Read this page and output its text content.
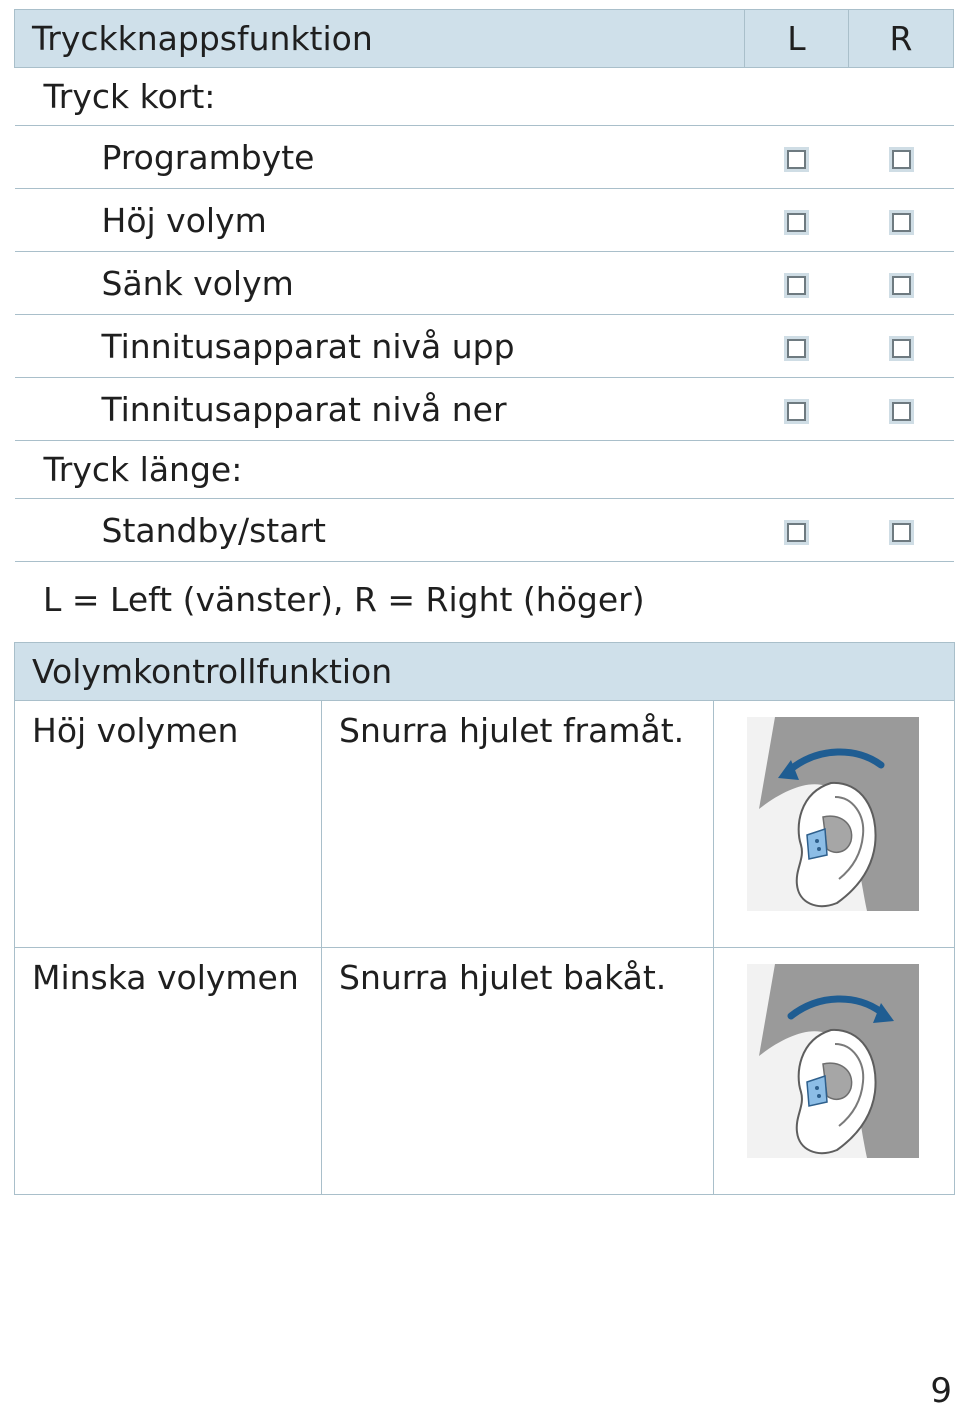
Tryckknappsfunktion	L	R
Tryck kort:		
Programbyte		
Höj volym		
Sänk volym		
Tinnitusapparat nivå upp		
Tinnitusapparat nivå ner		
Tryck länge:		
Standby/start		

L = Left (vänster), R = Right (höger)

Volymkontrollfunktion		
Höj volymen	Snurra hjulet framåt.	

Minska volymen	Snurra hjulet bakåt.	

9
